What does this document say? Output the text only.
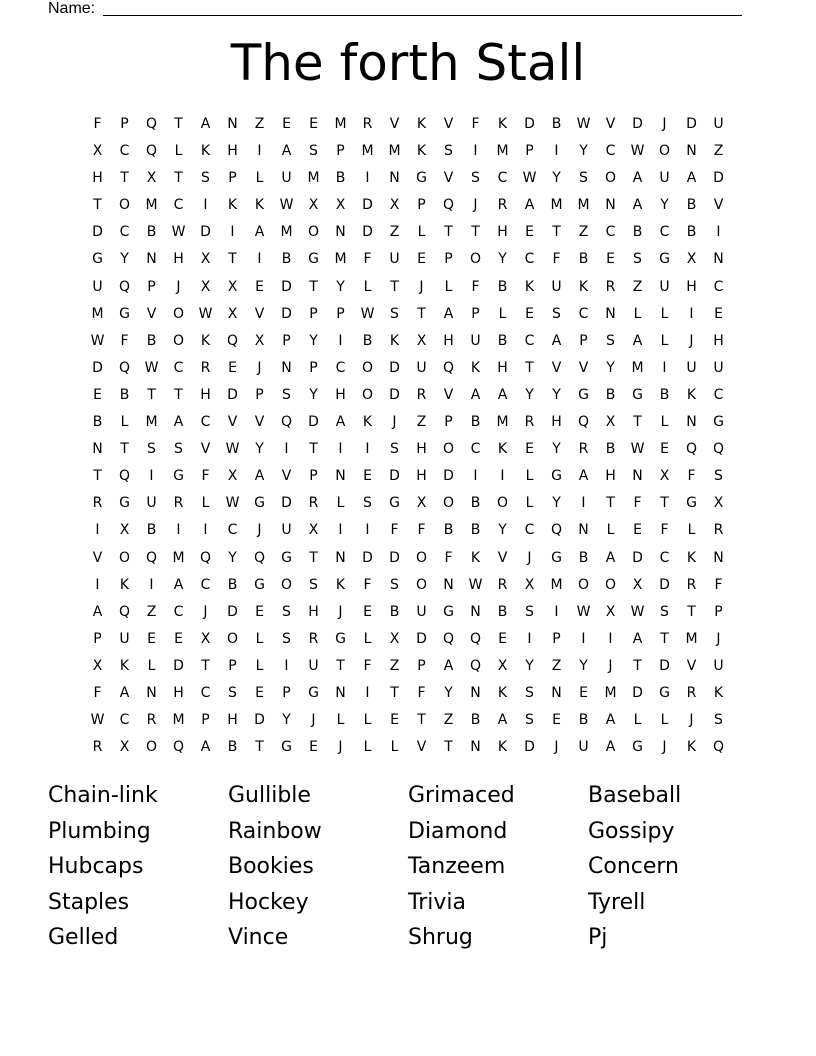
Name:
The forth Stall
F	P	Q	T	A	N	Z	E	E	M	R	V	K	V	F	K	D	B	W	V	D	J	D	U
X	C	Q	L	K	H	I	A	S	P	M	M	K	S	I	M	P	I	Y	C	W	O	N	Z
H	T	X	T	S	P	L	U	M	B	I	N	G	V	S	C	W	Y	S	O	A	U	A	D
T	O	M	C	I	K	K	W	X	X	D	X	P	Q	J	R	A	M	M	N	A	Y	B	V
D	C	B	W	D	I	A	M	O	N	D	Z	L	T	T	H	E	T	Z	C	B	C	B	I
G	Y	N	H	X	T	I	B	G	M	F	U	E	P	O	Y	C	F	B	E	S	G	X	N
U	Q	P	J	X	X	E	D	T	Y	L	T	J	L	F	B	K	U	K	R	Z	U	H	C
M	G	V	O	W	X	V	D	P	P	W	S	T	A	P	L	E	S	C	N	L	L	I	E
W	F	B	O	K	Q	X	P	Y	I	B	K	X	H	U	B	C	A	P	S	A	L	J	H
D	Q	W	C	R	E	J	N	P	C	O	D	U	Q	K	H	T	V	V	Y	M	I	U	U
E	B	T	T	H	D	P	S	Y	H	O	D	R	V	A	A	Y	Y	G	B	G	B	K	C
B	L	M	A	C	V	V	Q	D	A	K	J	Z	P	B	M	R	H	Q	X	T	L	N	G
N	T	S	S	V	W	Y	I	T	I	I	S	H	O	C	K	E	Y	R	B	W	E	Q	Q
T	Q	I	G	F	X	A	V	P	N	E	D	H	D	I	I	L	G	A	H	N	X	F	S
R	G	U	R	L	W	G	D	R	L	S	G	X	O	B	O	L	Y	I	T	F	T	G	X
I	X	B	I	I	C	J	U	X	I	I	F	F	B	B	Y	C	Q	N	L	E	F	L	R
V	O	Q	M	Q	Y	Q	G	T	N	D	D	O	F	K	V	J	G	B	A	D	C	K	N
I	K	I	A	C	B	G	O	S	K	F	S	O	N	W	R	X	M	O	O	X	D	R	F
A	Q	Z	C	J	D	E	S	H	J	E	B	U	G	N	B	S	I	W	X	W	S	T	P
P	U	E	E	X	O	L	S	R	G	L	X	D	Q	Q	E	I	P	I	I	A	T	M	J
X	K	L	D	T	P	L	I	U	T	F	Z	P	A	Q	X	Y	Z	Y	J	T	D	V	U
F	A	N	H	C	S	E	P	G	N	I	T	F	Y	N	K	S	N	E	M	D	G	R	K
W	C	R	M	P	H	D	Y	J	L	L	E	T	Z	B	A	S	E	B	A	L	L	J	S
R	X	O	Q	A	B	T	G	E	J	L	L	V	T	N	K	D	J	U	A	G	J	K	Q
Chain-link	Gullible	Grimaced	Baseball
Plumbing	Rainbow	Diamond	Gossipy
Hubcaps	Bookies	Tanzeem	Concern
Staples	Hockey	Trivia	Tyrell
Gelled	Vince	Shrug	Pj
